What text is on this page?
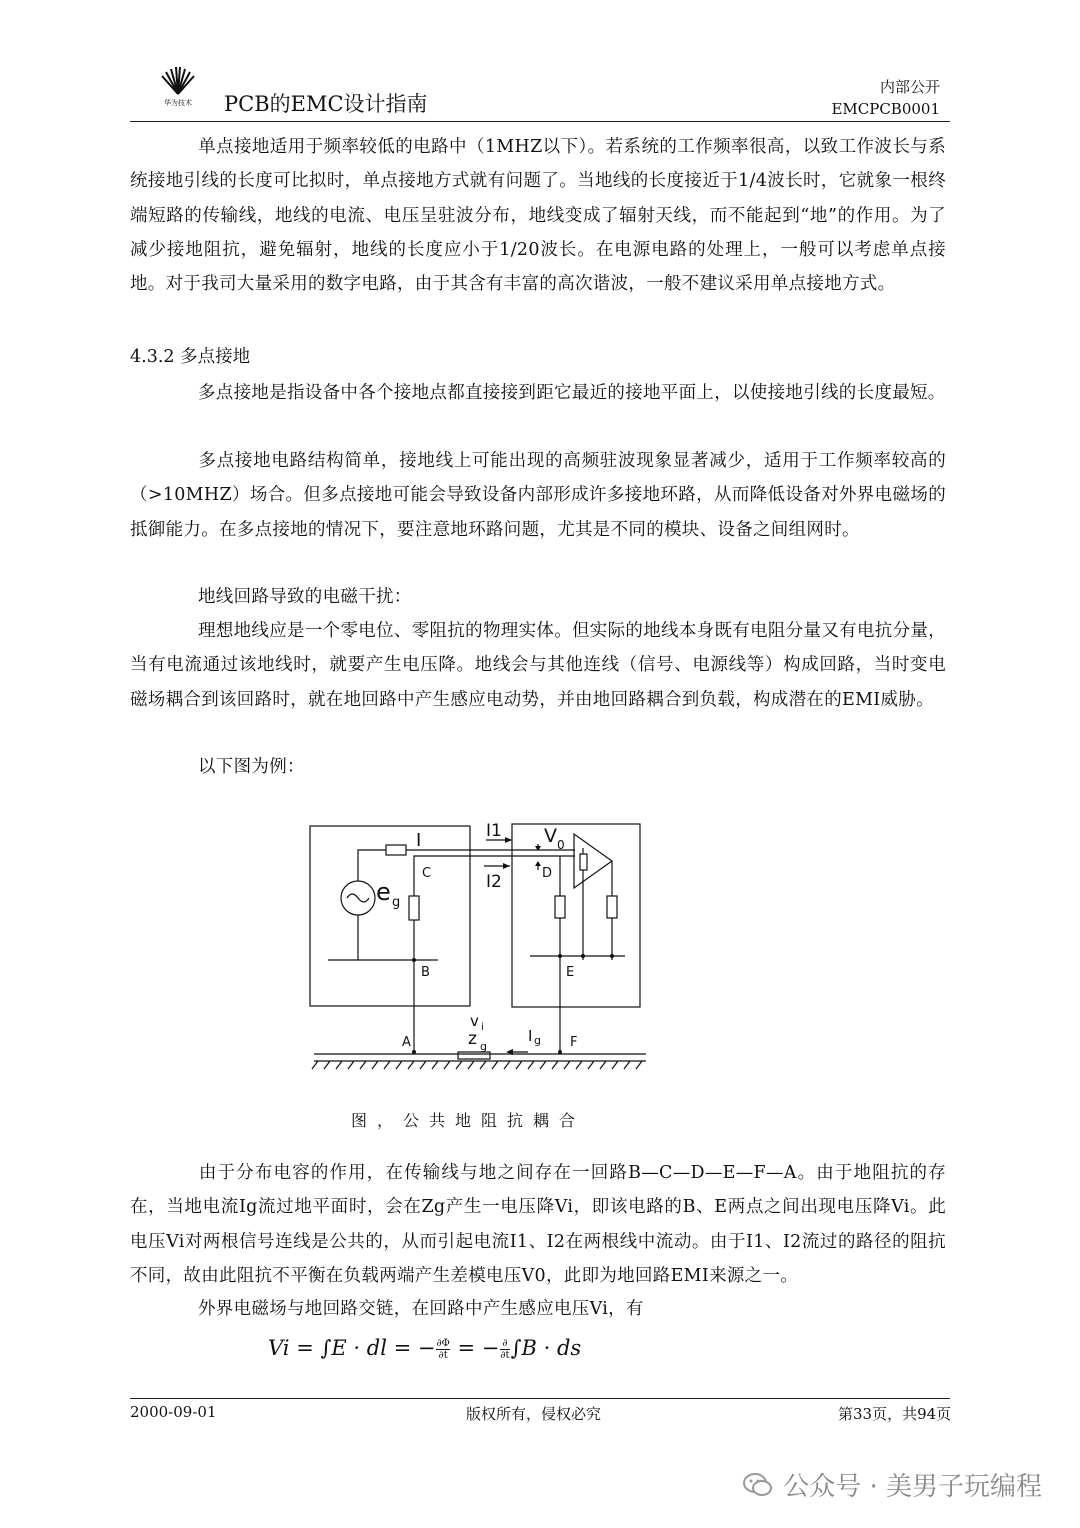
华为技术 PCB的EMC设计指南
内部公开
EMCPCB0001
单点接地适用于频率较低的电路中（1MHZ以下）。若系统的工作频率很高，以致工作波长与系统接地引线的长度可比拟时，单点接地方式就有问题了。当地线的长度接近于1/4波长时，它就象一根终端短路的传输线，地线的电流、电压呈驻波分布，地线变成了辐射天线，而不能起到“地”的作用。为了减少接地阻抗，避免辐射，地线的长度应小于1/20波长。在电源电路的处理上，一般可以考虑单点接地。对于我司大量采用的数字电路，由于其含有丰富的高次谐波，一般不建议采用单点接地方式。
4.3.2 多点接地
多点接地是指设备中各个接地点都直接接到距它最近的接地平面上，以使接地引线的长度最短。
多点接地电路结构简单，接地线上可能出现的高频驻波现象显著减少，适用于工作频率较高的（>10MHZ）场合。但多点接地可能会导致设备内部形成许多接地环路，从而降低设备对外界电磁场的抵御能力。在多点接地的情况下，要注意地环路问题，尤其是不同的模块、设备之间组网时。
地线回路导致的电磁干扰：
理想地线应是一个零电位、零阻抗的物理实体。但实际的地线本身既有电阻分量又有电抗分量，当有电流通过该地线时，就要产生电压降。地线会与其他连线（信号、电源线等）构成回路，当时变电磁场耦合到该回路时，就在地回路中产生感应电动势，并由地回路耦合到负载，构成潜在的EMI威胁。
以下图为例：
I	I1 V 0
e g
C	I2	D
B	E
A	F
v i
z g
I g
图，公共地阻抗耦合
由于分布电容的作用，在传输线与地之间存在一回路B—C—D—E—F—A。由于地阻抗的存在，当地电流Ig流过地平面时，会在Zg产生一电压降Vi，即该电路的B、E两点之间出现电压降Vi。此电压Vi对两根信号连线是公共的，从而引起电流I1、I2在两根线中流动。由于I1、I2流过的路径的阻抗不同，故由此阻抗不平衡在负载两端产生差模电压V0，此即为地回路EMI来源之一。
外界电磁场与地回路交链，在回路中产生感应电压Vi，有
Vi = ∫E · dl = − $\frac{\partial\Phi}{\partial t}$ = − $\frac{\partial}{\partial t} \int B$ · ds
2000-09-01	版权所有，侵权必究	第33页，共94页
公众号 · 美男子玩编程
